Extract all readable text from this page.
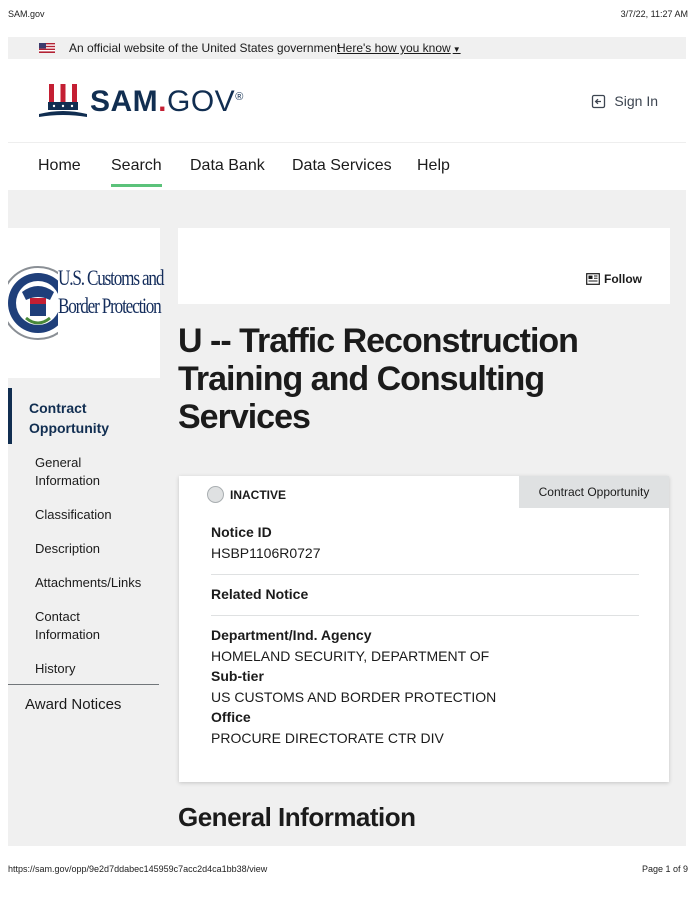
SAM.gov	3/7/22, 11:27 AM
An official website of the United States government
Here's how you know ▼
SAM.GOV®	Sign In
Home Search Data Bank Data Services Help
U.S. Customs and
Border Protection
Contract Opportunity
General Information
Classification
Description
Attachments/Links
Contact Information
History
Award Notices
Follow
U -- Traffic Reconstruction Training and Consulting Services
INACTIVE	Contract Opportunity
Notice ID
HSBP1106R0727
Related Notice
Department/Ind. Agency
HOMELAND SECURITY, DEPARTMENT OF
Sub-tier
US CUSTOMS AND BORDER PROTECTION
Office
PROCURE DIRECTORATE CTR DIV
General Information
https://sam.gov/opp/9e2d7ddabec145959c7acc2d4ca1bb38/view	Page 1 of 9
